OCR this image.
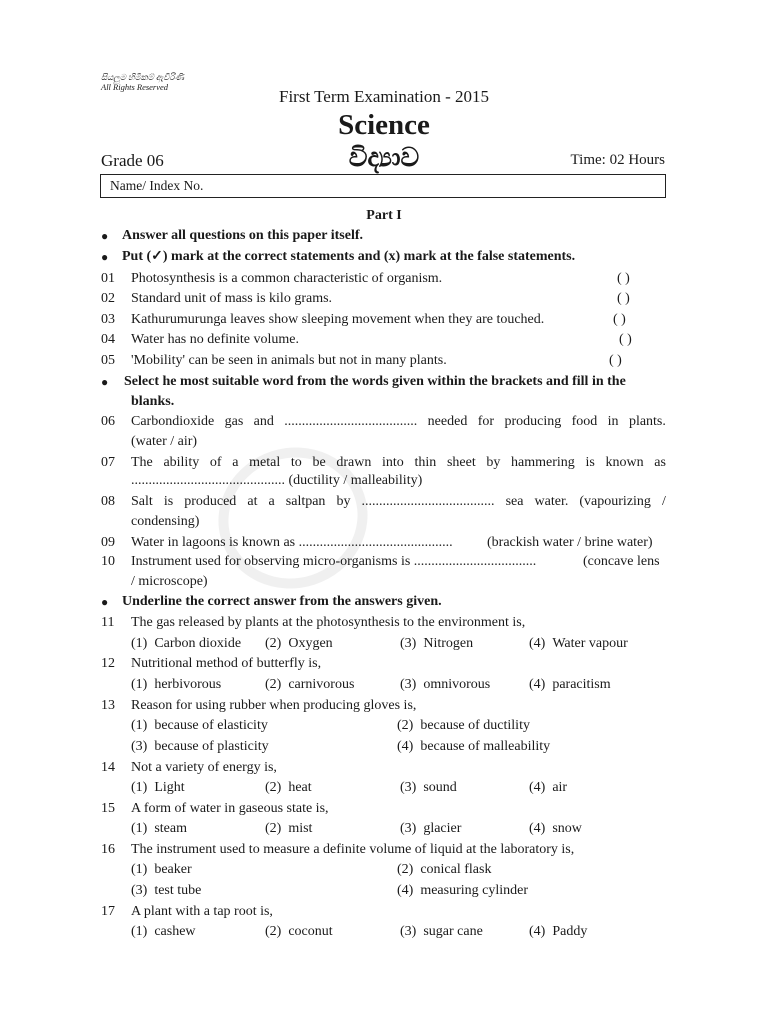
සියලුම හිමිකම් ඇවිරිණි
All Rights Reserved	First Term Examination - 2015
Science
Grade 06	විද්‍යාව	Time: 02 Hours
Name/ Index No.
Part I
● Answer all questions on this paper itself.
● Put (✓) mark at the correct statements and (x) mark at the false statements.
01 Photosynthesis is a common characteristic of organism.	( )
02 Standard unit of mass is kilo grams.	( )
03 Kathurumurunga leaves show sleeping movement when they are touched.	( )
04 Water has no definite volume.	( )
05 'Mobility' can be seen in animals but not in many plants.	( )
● Select he most suitable word from the words given within the brackets and fill in the
blanks.
06 Carbondioxide gas and ...................................... needed for producing food in plants.
(water / air)
07 The ability of a metal to be drawn into thin sheet by hammering is known as
............................................ (ductility / malleability)
08 Salt is produced at a saltpan by ...................................... sea water. (vapourizing /
condensing)
09 Water in lagoons is known as ............................................ (brackish water / brine water)
10 Instrument used for observing micro-organisms is ...................................	(concave lens
/ microscope)
● Underline the correct answer from the answers given.
11 The gas released by plants at the photosynthesis to the environment is,
(1) Carbon dioxide (2) Oxygen	(3) Nitrogen	(4) Water vapour
12 Nutritional method of butterfly is,
(1) herbivorous	(2) carnivorous	(3) omnivorous	(4) paracitism
13 Reason for using rubber when producing gloves is,
(1) because of elasticity	(2) because of ductility
(3) because of plasticity	(4) because of malleability
14 Not a variety of energy is,
(1) Light	(2) heat	(3) sound	(4) air
15 A form of water in gaseous state is,
(1) steam	(2) mist	(3) glacier	(4) snow
16 The instrument used to measure a definite volume of liquid at the laboratory is,
(1) beaker	(2) conical flask
(3) test tube	(4) measuring cylinder
17 A plant with a tap root is,
(1) cashew	(2) coconut	(3) sugar cane	(4) Paddy
